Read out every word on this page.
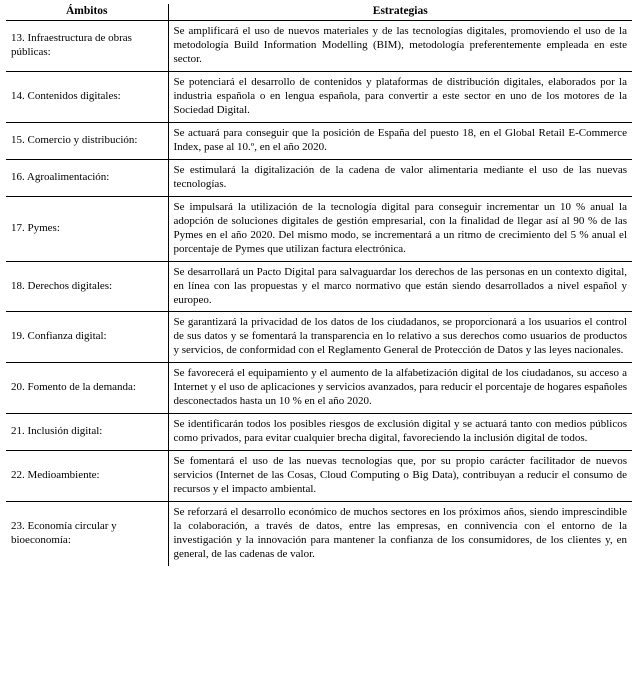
Ámbitos	Estrategias
13. Infraestructura de obras públicas:	Se amplificará el uso de nuevos materiales y de las tecnologías digitales, promoviendo el uso de la metodología Build Information Modelling (BIM), metodología preferentemente empleada en este sector.
14. Contenidos digitales:	Se potenciará el desarrollo de contenidos y plataformas de distribución digitales, elaborados por la industria española o en lengua española, para convertir a este sector en uno de los motores de la Sociedad Digital.
15. Comercio y distribución:	Se actuará para conseguir que la posición de España del puesto 18, en el Global Retail E-Commerce Index, pase al 10.º, en el año 2020.
16. Agroalimentación:	Se estimulará la digitalización de la cadena de valor alimentaria mediante el uso de las nuevas tecnologías.
17. Pymes:	Se impulsará la utilización de la tecnología digital para conseguir incrementar un 10 % anual la adopción de soluciones digitales de gestión empresarial, con la finalidad de llegar así al 90 % de las Pymes en el año 2020. Del mismo modo, se incrementará a un ritmo de crecimiento del 5 % anual el porcentaje de Pymes que utilizan factura electrónica.
18. Derechos digitales:	Se desarrollará un Pacto Digital para salvaguardar los derechos de las personas en un contexto digital, en línea con las propuestas y el marco normativo que están siendo desarrollados a nivel español y europeo.
19. Confianza digital:	Se garantizará la privacidad de los datos de los ciudadanos, se proporcionará a los usuarios el control de sus datos y se fomentará la transparencia en lo relativo a sus derechos como usuarios de productos y servicios, de conformidad con el Reglamento General de Protección de Datos y las leyes nacionales.
20. Fomento de la demanda:	Se favorecerá el equipamiento y el aumento de la alfabetización digital de los ciudadanos, su acceso a Internet y el uso de aplicaciones y servicios avanzados, para reducir el porcentaje de hogares españoles desconectados hasta un 10 % en el año 2020.
21. Inclusión digital:	Se identificarán todos los posibles riesgos de exclusión digital y se actuará tanto con medios públicos como privados, para evitar cualquier brecha digital, favoreciendo la inclusión digital de todos.
22. Medioambiente:	Se fomentará el uso de las nuevas tecnologías que, por su propio carácter facilitador de nuevos servicios (Internet de las Cosas, Cloud Computing o Big Data), contribuyan a reducir el consumo de recursos y el impacto ambiental.
23. Economía circular y bioeconomía:	Se reforzará el desarrollo económico de muchos sectores en los próximos años, siendo imprescindible la colaboración, a través de datos, entre las empresas, en connivencia con el entorno de la investigación y la innovación para mantener la confianza de los consumidores, de los clientes y, en general, de las cadenas de valor.
